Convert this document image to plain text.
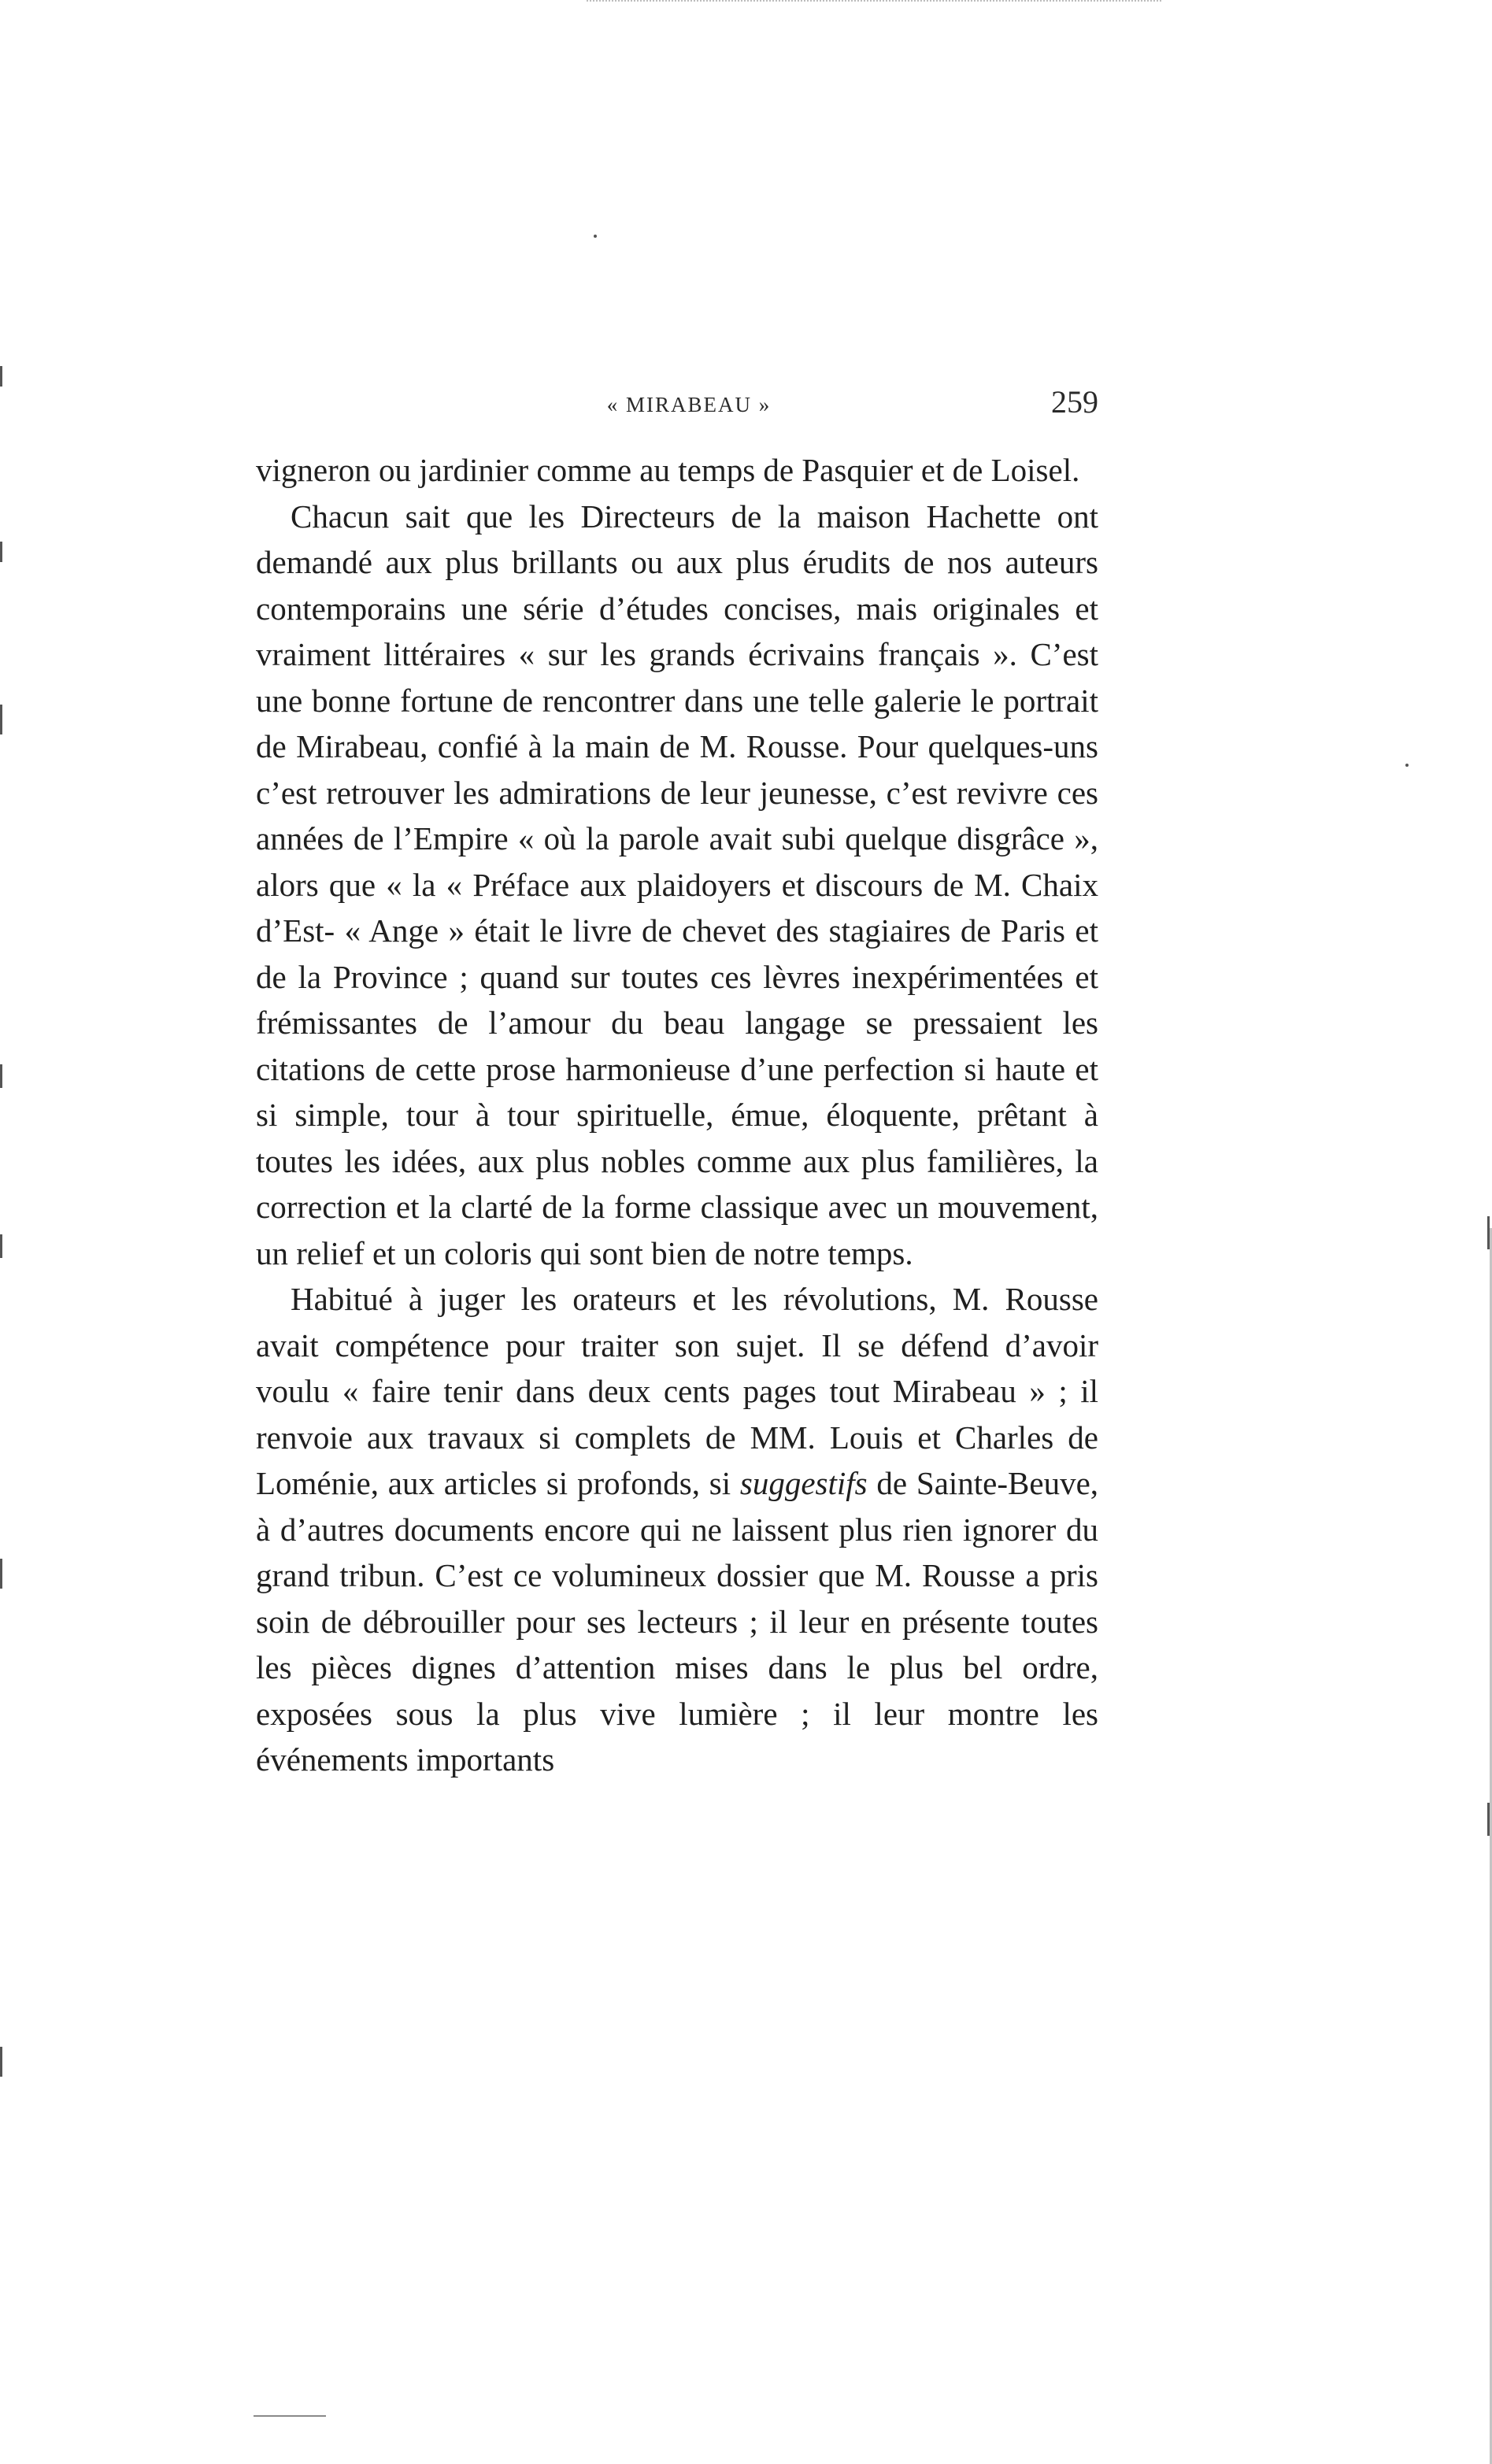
« MIRABEAU »	259

vigneron ou jardinier comme au temps de Pasquier et de Loisel.

Chacun sait que les Directeurs de la maison Hachette ont demandé aux plus brillants ou aux plus érudits de nos auteurs contemporains une série d’études concises, mais originales et vraiment littéraires « sur les grands écrivains français ». C’est une bonne fortune de rencontrer dans une telle galerie le portrait de Mirabeau, confié à la main de M. Rousse. Pour quelques-uns c’est retrouver les admirations de leur jeunesse, c’est revivre ces années de l’Empire « où la parole avait subi quelque disgrâce », alors que « la « Préface aux plaidoyers et discours de M. Chaix d’Est- « Ange » était le livre de chevet des stagiaires de Paris et de la Province ; quand sur toutes ces lèvres inexpérimentées et frémissantes de l’amour du beau langage se pressaient les citations de cette prose harmonieuse d’une perfection si haute et si simple, tour à tour spirituelle, émue, éloquente, prêtant à toutes les idées, aux plus nobles comme aux plus familières, la correction et la clarté de la forme classique avec un mouvement, un relief et un coloris qui sont bien de notre temps.

Habitué à juger les orateurs et les révolutions, M. Rousse avait compétence pour traiter son sujet. Il se défend d’avoir voulu « faire tenir dans deux cents pages tout Mirabeau » ; il renvoie aux travaux si complets de MM. Louis et Charles de Loménie, aux articles si profonds, si suggestifs de Sainte-Beuve, à d’autres documents encore qui ne laissent plus rien ignorer du grand tribun. C’est ce volumineux dossier que M. Rousse a pris soin de débrouiller pour ses lecteurs ; il leur en présente toutes les pièces dignes d’attention mises dans le plus bel ordre, exposées sous la plus vive lumière ; il leur montre les événements importants
